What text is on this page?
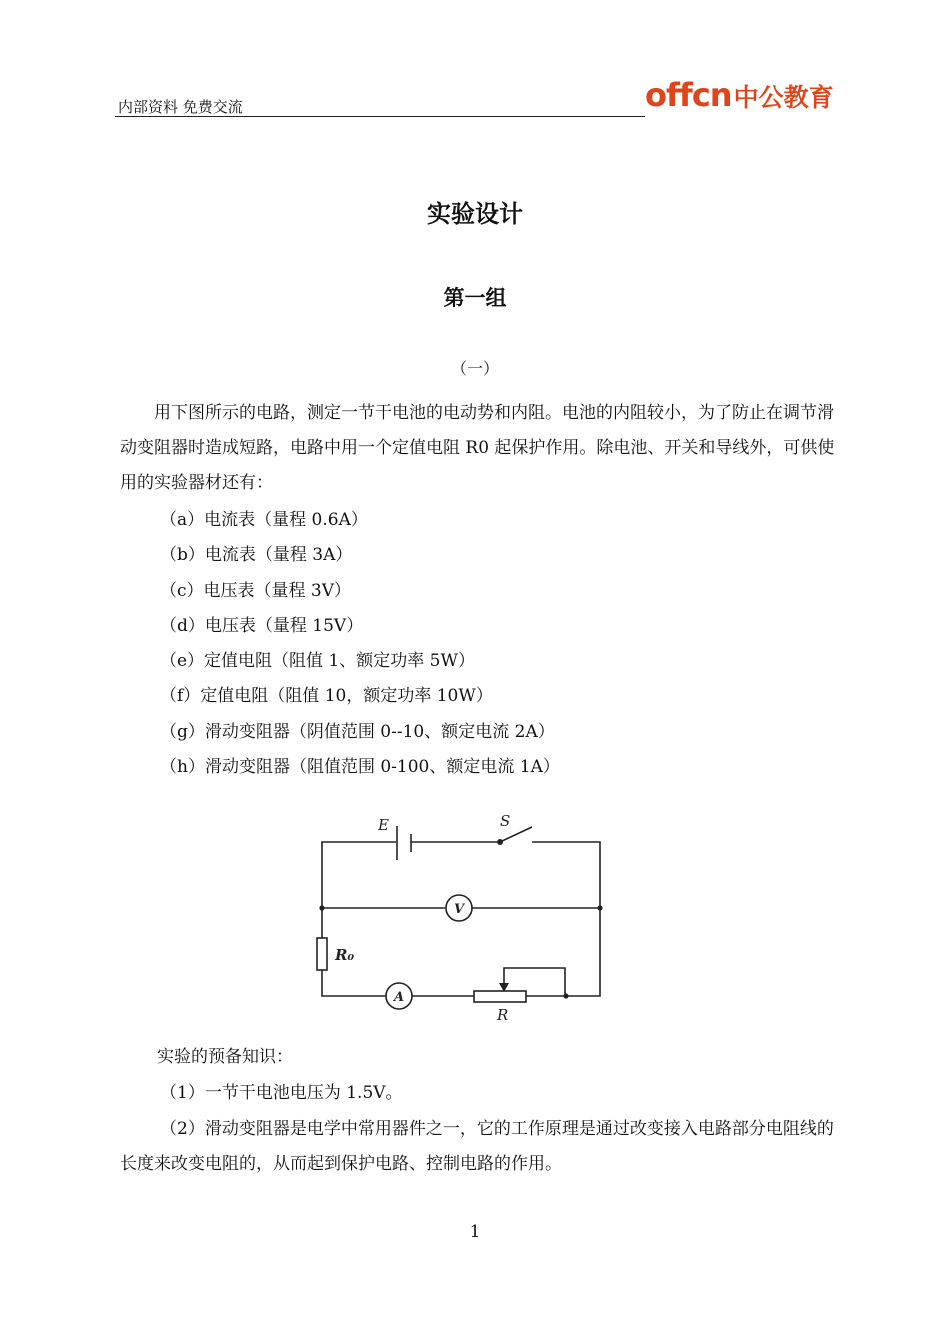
内部资料 免费交流	offcn 中公教育
实验设计
第一组
（一）

用下图所示的电路，测定一节干电池的电动势和内阻。电池的内阻较小，为了防止在调节滑动变阻器时造成短路，电路中用一个定值电阻 R0 起保护作用。除电池、开关和导线外，可供使用的实验器材还有：

（a）电流表（量程 0.6A）
（b）电流表（量程 3A）
（c）电压表（量程 3V）
（d）电压表（量程 15V）
（e）定值电阻（阻值 1、额定功率 5W）
（f）定值电阻（阻值 10，额定功率 10W）
（g）滑动变阻器（阴值范围 0--10、额定电流 2A）
（h）滑动变阻器（阻值范围 0-100、额定电流 1A）
E	S
V
A
R₀
R

实验的预备知识：

（1）一节干电池电压为 1.5V。

（2）滑动变阻器是电学中常用器件之一，它的工作原理是通过改变接入电路部分电阻线的长度来改变电阻的，从而起到保护电路、控制电路的作用。

1
